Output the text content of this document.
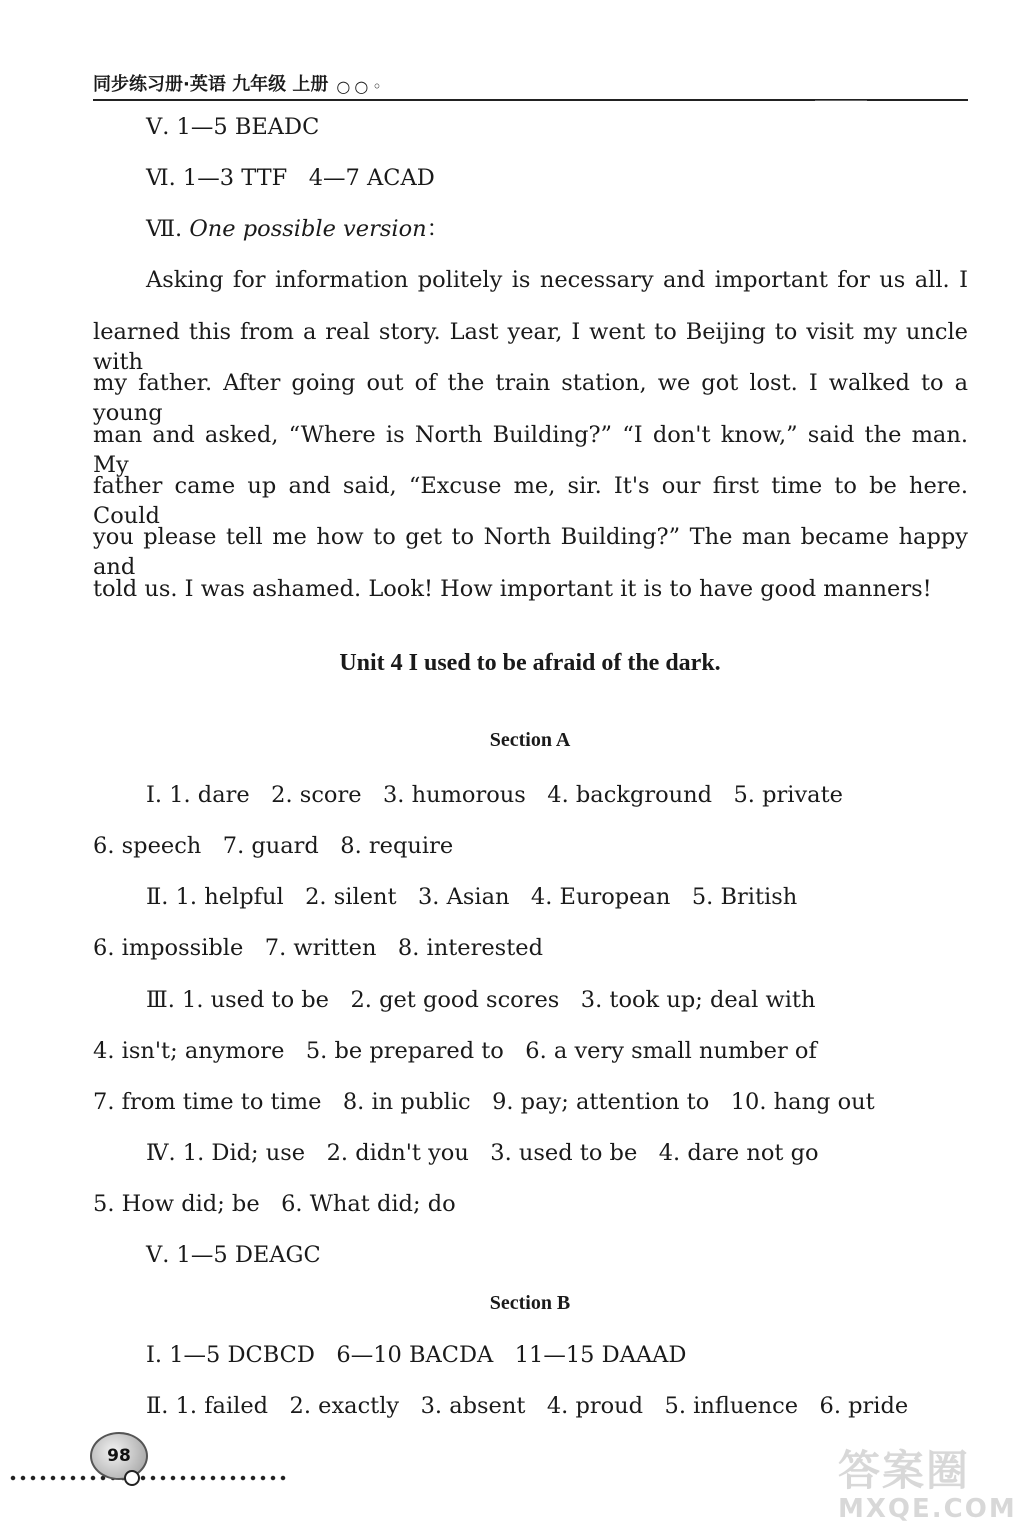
同步练习册·英语 九年级 上册 ○○◦
Ⅴ. 1—5 BEADC
Ⅵ. 1—3 TTF   4—7 ACAD
Ⅶ. One possible version：
Asking for information politely is necessary and important for us all. I
learned this from a real story. Last year, I went to Beijing to visit my uncle with
my father. After going out of the train station, we got lost. I walked to a young
man and asked, “Where is North Building?” “I don't know,” said the man. My
father came up and said, “Excuse me, sir. It's our first time to be here. Could
you please tell me how to get to North Building?” The man became happy and
told us. I was ashamed. Look! How important it is to have good manners!
Unit 4 I used to be afraid of the dark.
Section A
Ⅰ. 1. dare   2. score   3. humorous   4. background   5. private
6. speech   7. guard   8. require
Ⅱ. 1. helpful   2. silent   3. Asian   4. European   5. British
6. impossible   7. written   8. interested
Ⅲ. 1. used to be   2. get good scores   3. took up; deal with
4. isn't; anymore   5. be prepared to   6. a very small number of
7. from time to time   8. in public   9. pay; attention to   10. hang out
Ⅳ. 1. Did; use   2. didn't you   3. used to be   4. dare not go
5. How did; be   6. What did; do
Ⅴ. 1—5 DEAGC
Section B
Ⅰ. 1—5 DCBCD   6—10 BACDA   11—15 DAAAD
Ⅱ. 1. failed   2. exactly   3. absent   4. proud   5. influence   6. pride
98	答案圈
MXQE.COM
